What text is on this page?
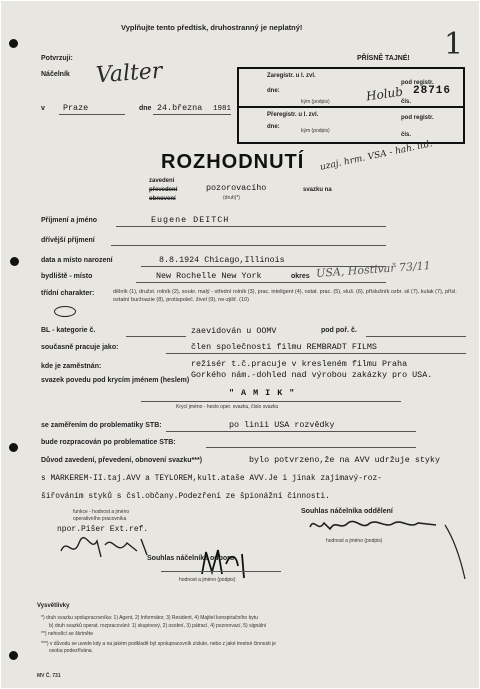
Vyplňujte tento předtisk, druhostranný je neplatný!
Potvrzuji:
Náčelník Valter
v Praze	dne 24.března 1981
PŘÍSNĚ TAJNÉ! 1
Zaregistr. u I. zvl.
dne:
kým (podpis)
pod registr.
čís.
28716
Holub
Přeregistr. u I. zvl.
dne:
kým (podpis)
pod registr.
čís.
uzaj. hrm. VSA - hah. itd.
ROZHODNUTÍ
zavedení
převedení
obnovení
pozorovacího
(druh)*)
svazku na
Příjmení a jméno	Eugene DEITCH
dřívější příjmení
data a místo narození	8.8.1924 Chicago,Illinois
bydliště - místo	New Rochelle New York	okres USA, Hostivař 73/11
třídní charakter:	dělník (1), družst. rolník (2), soukr. malý - střední rolník (3), prac. inteligent (4), ostat. prac. (5), sluš. (6), příslušník ozbr. sil (7), kulak (7), přísl. ostatní buržoazie (8), protispoleč. živel (9), ne-zjišť. (10)
BL - kategorie č.	zaevidován u OOMV	pod poř. č.
současně pracuje jako:	člen společnosti filmu REMBRADT FILMS
kde je zaměstnán:	režisér t.č.pracuje v kresleném filmu Praha
Gorkého nám.-dohled nad výrobou zakázky pro USA.
svazek povedu pod krycím jménem (heslem)
" A M I K "
Krycí jméno - heslo oper. svazku, číslo svazku
se zaměřením do problematiky STB:	po linii USA rozvědky
bude rozpracován po problematice STB:
Důvod zavedení, převedení, obnovení svazku***)	bylo potvrzeno,že na AVV udržuje styky
s MARKEREM-II.taj.AVV a TEYLOREM,kult.ataše AVV.Je i jinak zajímavý-roz-
šiřováním styků s čsl.občany.Podezření ze špionážní činnosti.
funkce - hodnost a jméno
operativního pracovníka
npor.Pišer Ext.ref.
Souhlas náčelníka oddělení
hodnost a jméno (podpis)
Souhlas náčelníka odboru
hodnost a jméno (podpis)
Vysvětlivky
*) druh svazku spolupracovníka: 1) Agent, 2) Informátor, 3) Resident, 4) Majitel konspiračního bytu
b) druh svazků operat. rozpracování: 1) skupinový, 2) osobní, 3) pátrací, 4) pozorovací, 5) signální
**) nehodící se škrtněte
***) v důvodu se uvede kdy a na jakém podkladě byl spolupracovník získán, nebo z jaké trestné činnosti je
osoba podezřívána.
MV Č. 731
